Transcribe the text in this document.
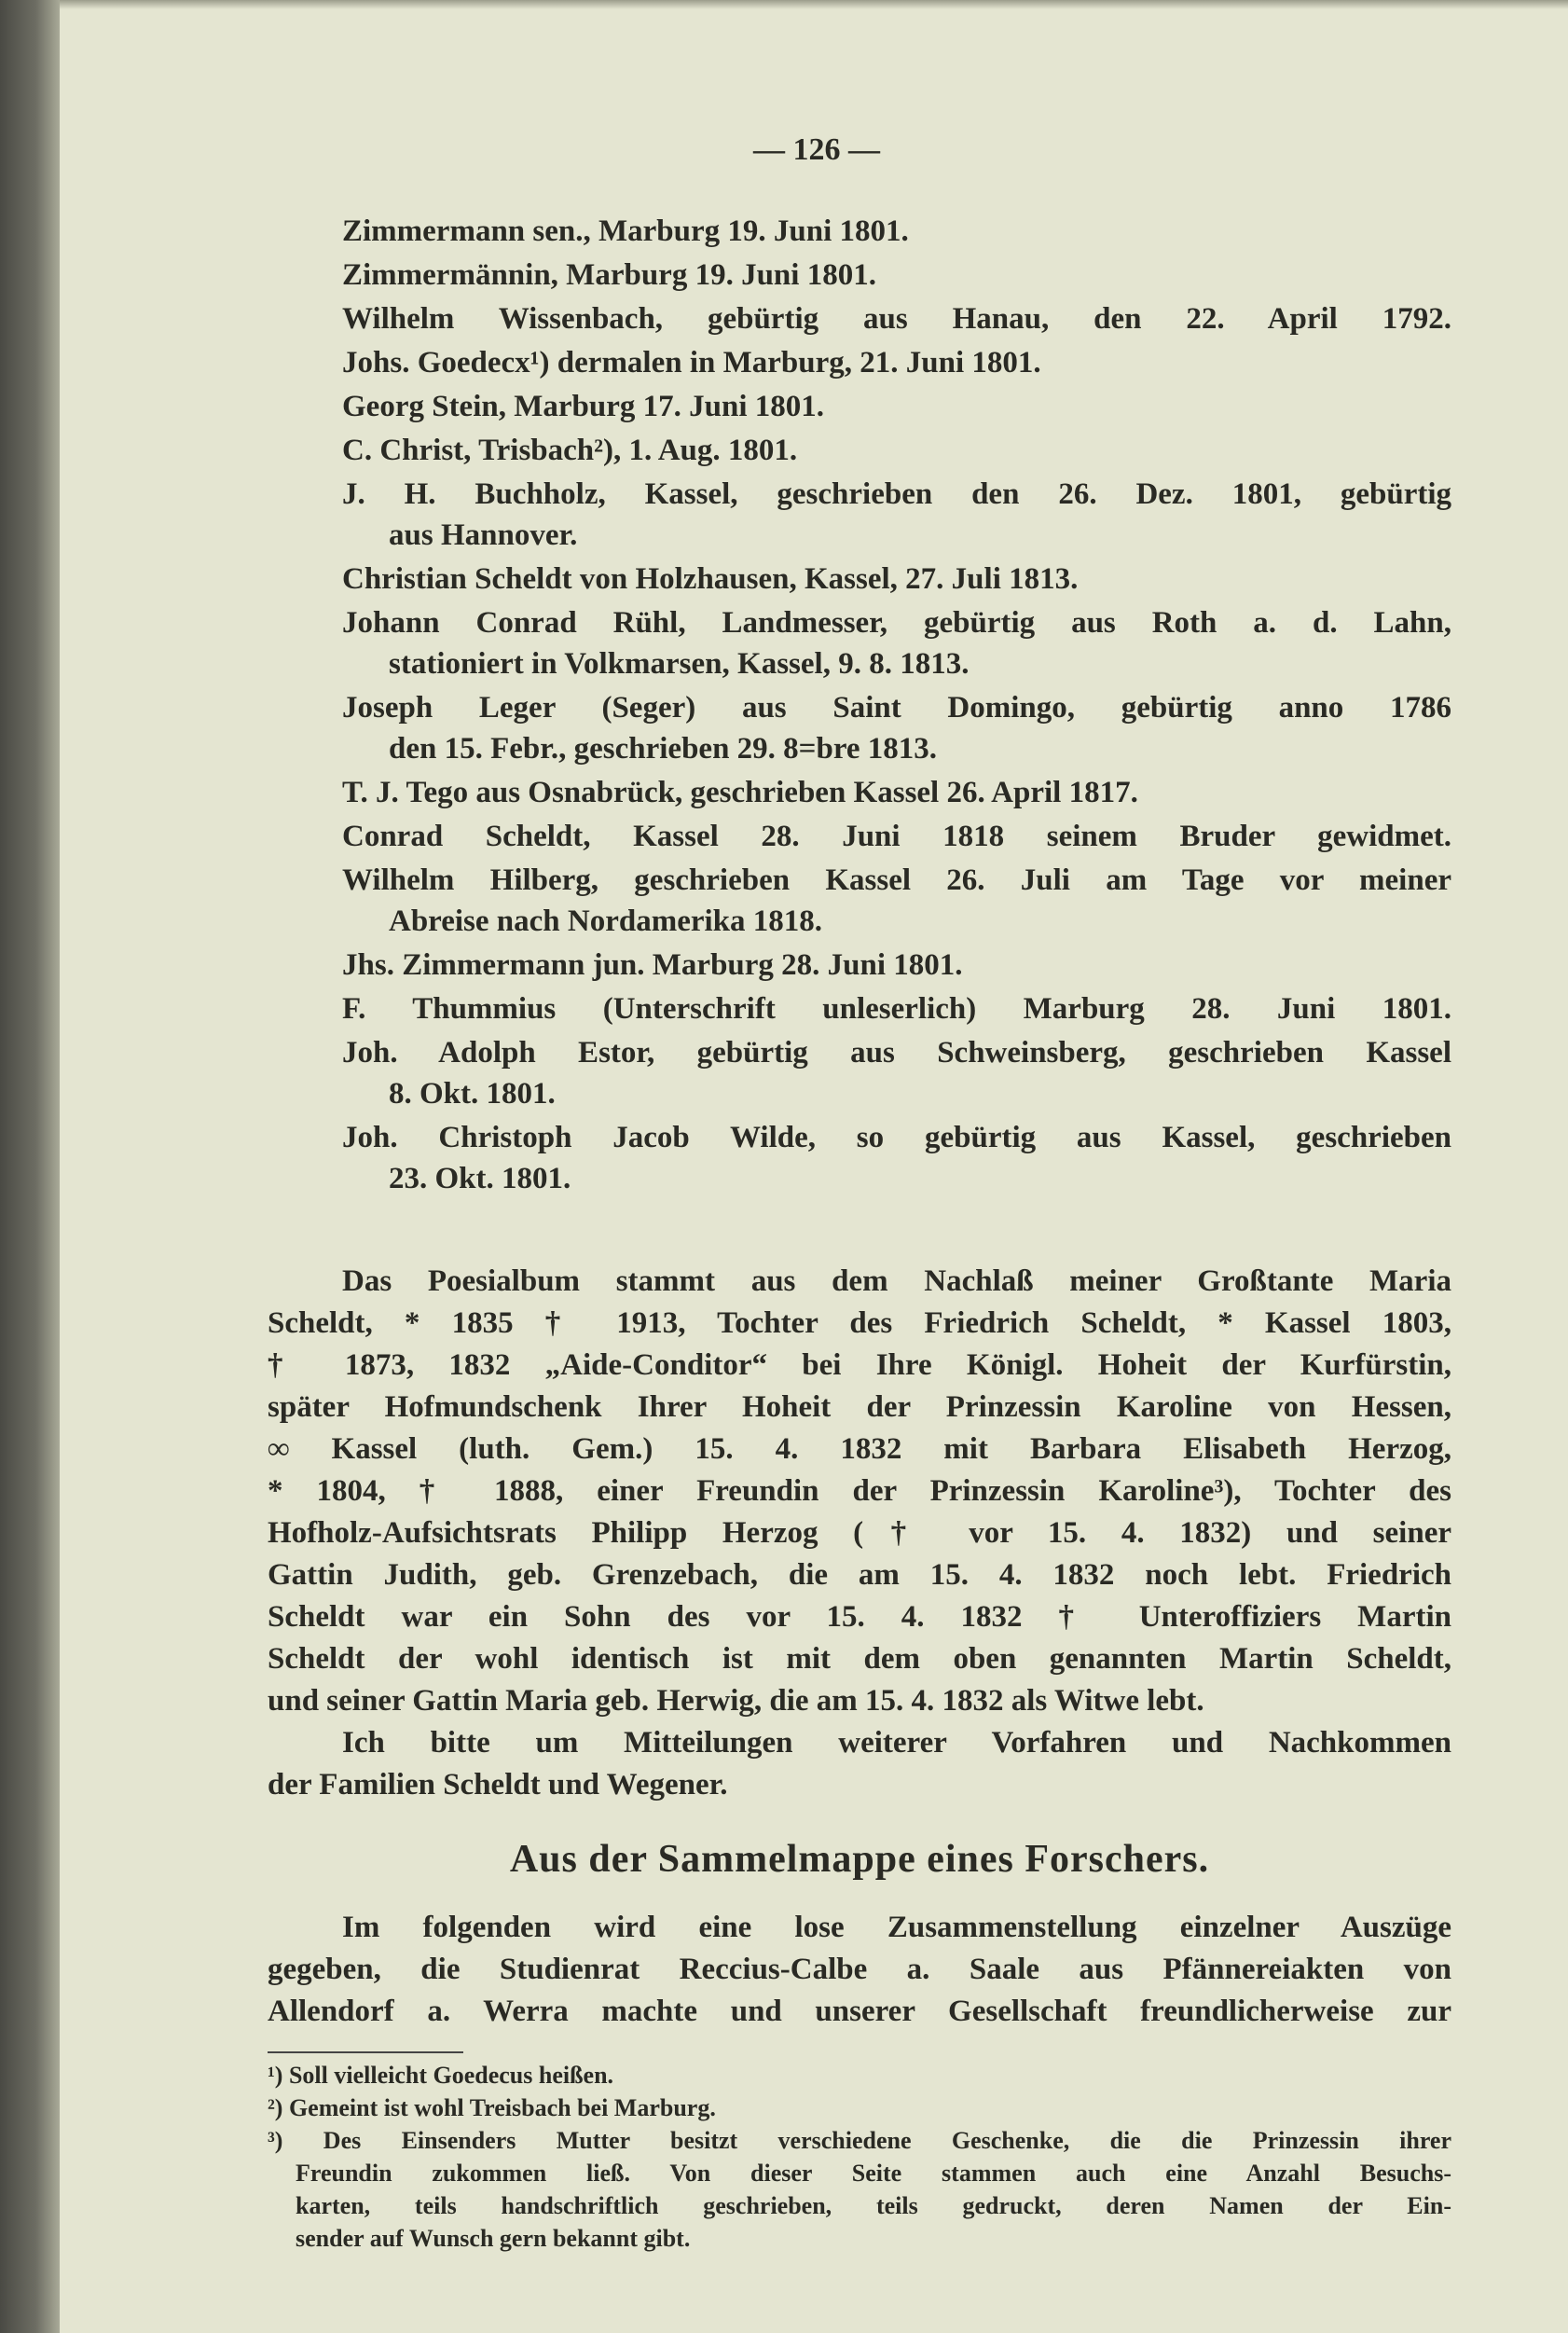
— 126 —
Zimmermann sen., Marburg 19. Juni 1801.
Zimmermännin, Marburg 19. Juni 1801.
Wilhelm Wissenbach, gebürtig aus Hanau, den 22. April 1792.
Johs. Goedecx¹) dermalen in Marburg, 21. Juni 1801.
Georg Stein, Marburg 17. Juni 1801.
C. Christ, Trisbach²), 1. Aug. 1801.
J. H. Buchholz, Kassel, geschrieben den 26. Dez. 1801, gebürtig
aus Hannover.
Christian Scheldt von Holzhausen, Kassel, 27. Juli 1813.
Johann Conrad Rühl, Landmesser, gebürtig aus Roth a. d. Lahn,
stationiert in Volkmarsen, Kassel, 9. 8. 1813.
Joseph Leger (Seger) aus Saint Domingo, gebürtig anno 1786
den 15. Febr., geschrieben 29. 8=bre 1813.
T. J. Tego aus Osnabrück, geschrieben Kassel 26. April 1817.
Conrad Scheldt, Kassel 28. Juni 1818 seinem Bruder gewidmet.
Wilhelm Hilberg, geschrieben Kassel 26. Juli am Tage vor meiner
Abreise nach Nordamerika 1818.
Jhs. Zimmermann jun. Marburg 28. Juni 1801.
F. Thummius (Unterschrift unleserlich) Marburg 28. Juni 1801.
Joh. Adolph Estor, gebürtig aus Schweinsberg, geschrieben Kassel
8. Okt. 1801.
Joh. Christoph Jacob Wilde, so gebürtig aus Kassel, geschrieben
23. Okt. 1801.
Das Poesialbum stammt aus dem Nachlaß meiner Großtante Maria
Scheldt, * 1835 † 1913, Tochter des Friedrich Scheldt, * Kassel 1803,
† 1873, 1832 „Aide-Conditor“ bei Ihre Königl. Hoheit der Kurfürstin,
später Hofmundschenk Ihrer Hoheit der Prinzessin Karoline von Hessen,
∞ Kassel (luth. Gem.) 15. 4. 1832 mit Barbara Elisabeth Herzog,
* 1804, † 1888, einer Freundin der Prinzessin Karoline³), Tochter des
Hofholz-Aufsichtsrats Philipp Herzog († vor 15. 4. 1832) und seiner
Gattin Judith, geb. Grenzebach, die am 15. 4. 1832 noch lebt. Friedrich
Scheldt war ein Sohn des vor 15. 4. 1832 † Unteroffiziers Martin
Scheldt der wohl identisch ist mit dem oben genannten Martin Scheldt,
und seiner Gattin Maria geb. Herwig, die am 15. 4. 1832 als Witwe lebt.
Ich bitte um Mitteilungen weiterer Vorfahren und Nachkommen
der Familien Scheldt und Wegener.
Aus der Sammelmappe eines Forschers.
Im folgenden wird eine lose Zusammenstellung einzelner Auszüge
gegeben, die Studienrat Reccius-Calbe a. Saale aus Pfännereiakten von
Allendorf a. Werra machte und unserer Gesellschaft freundlicherweise zur
¹) Soll vielleicht Goedecus heißen.
²) Gemeint ist wohl Treisbach bei Marburg.
³) Des Einsenders Mutter besitzt verschiedene Geschenke, die die Prinzessin ihrer
Freundin zukommen ließ. Von dieser Seite stammen auch eine Anzahl Besuchs-
karten, teils handschriftlich geschrieben, teils gedruckt, deren Namen der Ein-
sender auf Wunsch gern bekannt gibt.
